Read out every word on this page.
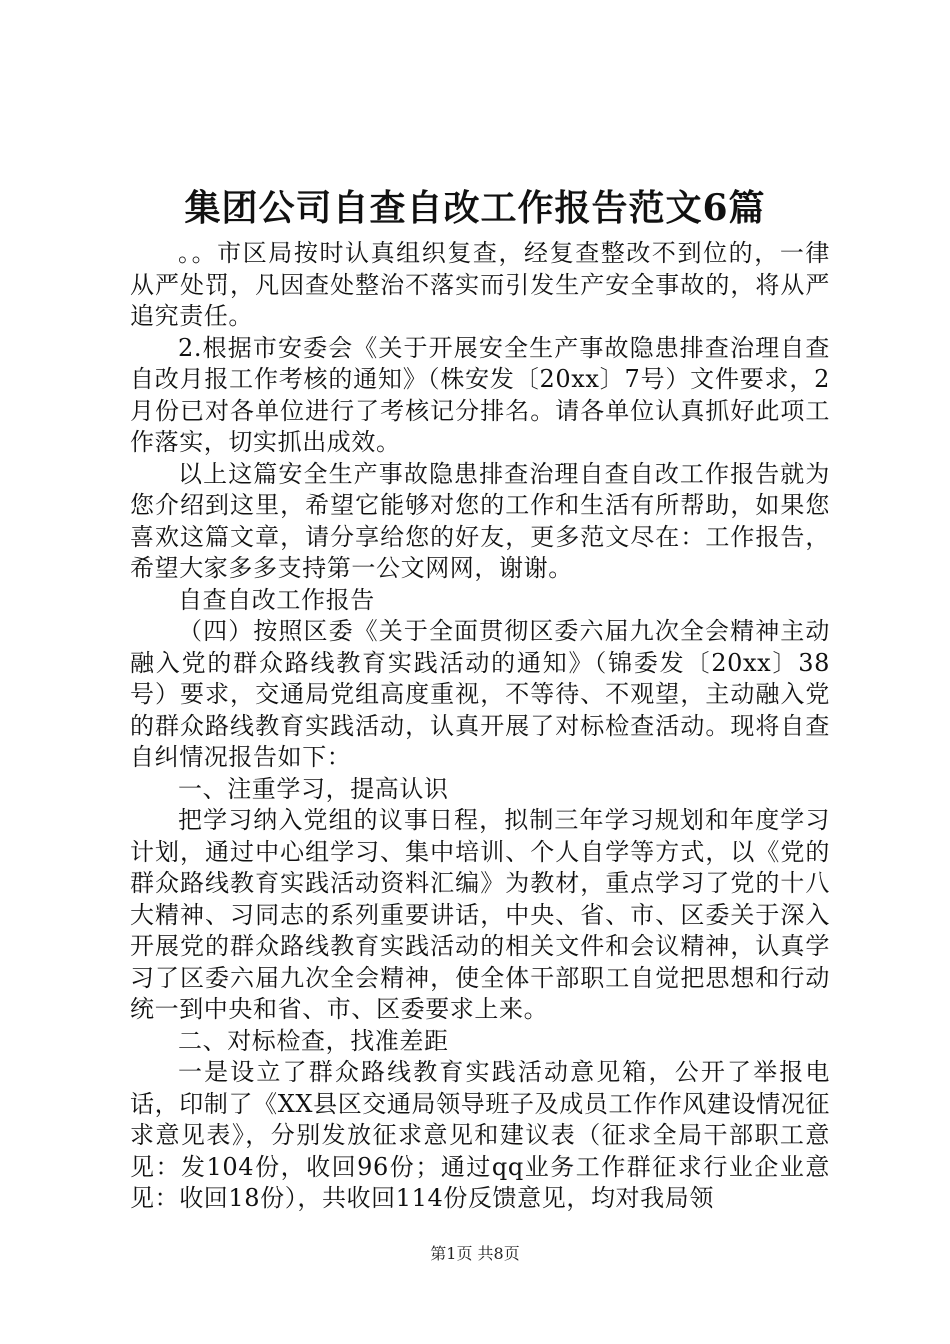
集团公司自查自改工作报告范文6篇

。。市区局按时认真组织复查，经复查整改不到位的，一律从严处罚，凡因查处整治不落实而引发生产安全事故的，将从严追究责任。

2.根据市安委会《关于开展安全生产事故隐患排查治理自查自改月报工作考核的通知》（株安发〔20xx〕7号）文件要求，2月份已对各单位进行了考核记分排名。请各单位认真抓好此项工作落实，切实抓出成效。

以上这篇安全生产事故隐患排查治理自查自改工作报告就为您介绍到这里，希望它能够对您的工作和生活有所帮助，如果您喜欢这篇文章，请分享给您的好友，更多范文尽在：工作报告，希望大家多多支持第一公文网网，谢谢。

自查自改工作报告

（四）按照区委《关于全面贯彻区委六届九次全会精神主动融入党的群众路线教育实践活动的通知》（锦委发〔20xx〕38号）要求，交通局党组高度重视，不等待、不观望，主动融入党的群众路线教育实践活动，认真开展了对标检查活动。现将自查自纠情况报告如下：

一、注重学习，提高认识

把学习纳入党组的议事日程，拟制三年学习规划和年度学习计划，通过中心组学习、集中培训、个人自学等方式，以《党的群众路线教育实践活动资料汇编》为教材，重点学习了党的十八大精神、习同志的系列重要讲话，中央、省、市、区委关于深入开展党的群众路线教育实践活动的相关文件和会议精神，认真学习了区委六届九次全会精神，使全体干部职工自觉把思想和行动统一到中央和省、市、区委要求上来。

二、对标检查，找准差距

一是设立了群众路线教育实践活动意见箱，公开了举报电话，印制了《XX县区交通局领导班子及成员工作作风建设情况征求意见表》，分别发放征求意见和建议表（征求全局干部职工意见：发104份，收回96份；通过qq业务工作群征求行业企业意见：收回18份），共收回114份反馈意见，均对我局领

第1页 共8页
